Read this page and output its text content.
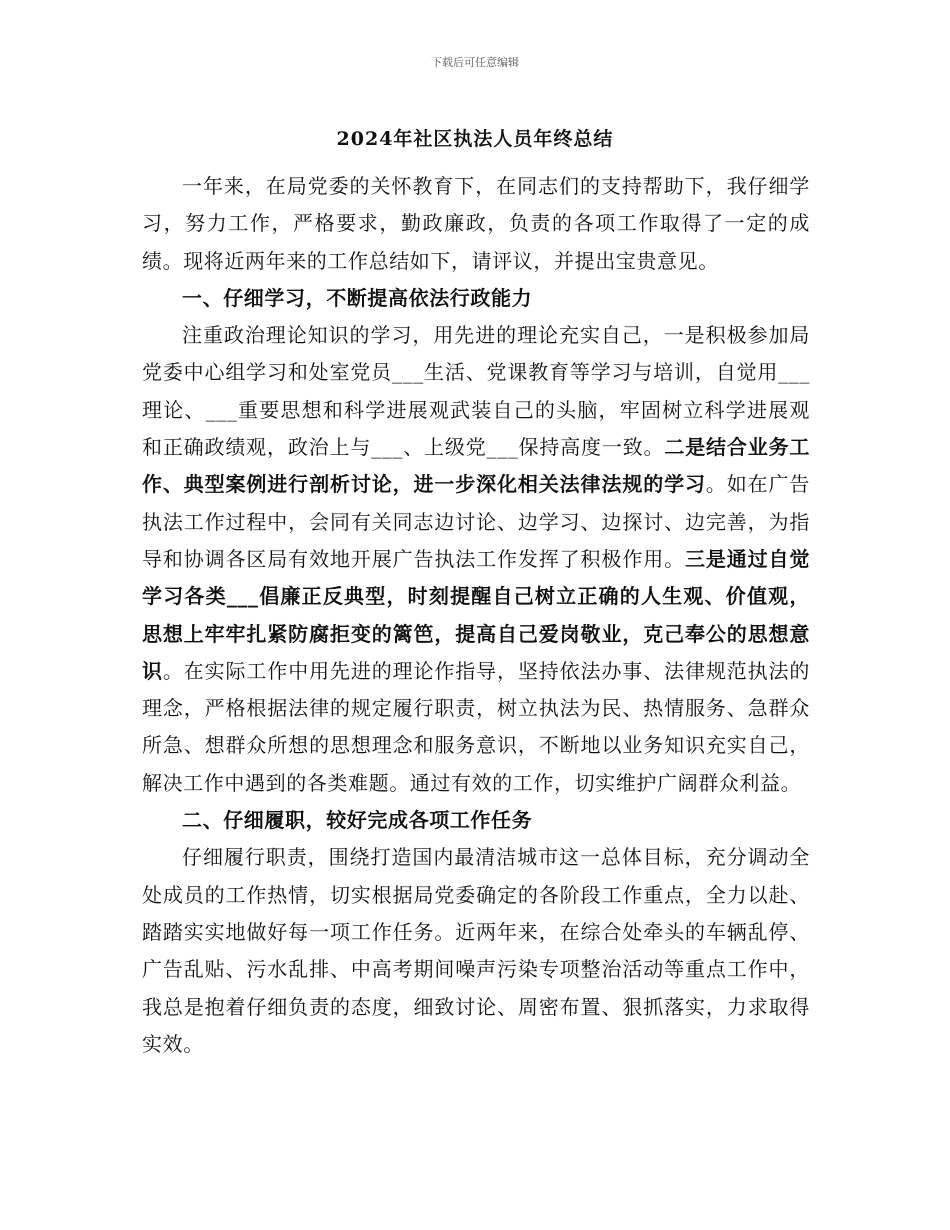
下载后可任意编辑
2024年社区执法人员年终总结

一年来，在局党委的关怀教育下，在同志们的支持帮助下，我仔细学习，努力工作，严格要求，勤政廉政，负责的各项工作取得了一定的成绩。现将近两年来的工作总结如下，请评议，并提出宝贵意见。

一、仔细学习，不断提高依法行政能力

注重政治理论知识的学习，用先进的理论充实自己，一是积极参加局党委中心组学习和处室党员___生活、党课教育等学习与培训，自觉用___理论、___重要思想和科学进展观武装自己的头脑，牢固树立科学进展观和正确政绩观，政治上与___、上级党___保持高度一致。二是结合业务工作、典型案例进行剖析讨论，进一步深化相关法律法规的学习。如在广告执法工作过程中，会同有关同志边讨论、边学习、边探讨、边完善，为指导和协调各区局有效地开展广告执法工作发挥了积极作用。三是通过自觉学习各类___倡廉正反典型，时刻提醒自己树立正确的人生观、价值观，思想上牢牢扎紧防腐拒变的篱笆，提高自己爱岗敬业，克己奉公的思想意识。在实际工作中用先进的理论作指导，坚持依法办事、法律规范执法的理念，严格根据法律的规定履行职责，树立执法为民、热情服务、急群众所急、想群众所想的思想理念和服务意识，不断地以业务知识充实自己，解决工作中遇到的各类难题。通过有效的工作，切实维护广阔群众利益。

二、仔细履职，较好完成各项工作任务

仔细履行职责，围绕打造国内最清洁城市这一总体目标，充分调动全处成员的工作热情，切实根据局党委确定的各阶段工作重点，全力以赴、踏踏实实地做好每一项工作任务。近两年来，在综合处牵头的车辆乱停、广告乱贴、污水乱排、中高考期间噪声污染专项整治活动等重点工作中，我总是抱着仔细负责的态度，细致讨论、周密布置、狠抓落实，力求取得实效。
